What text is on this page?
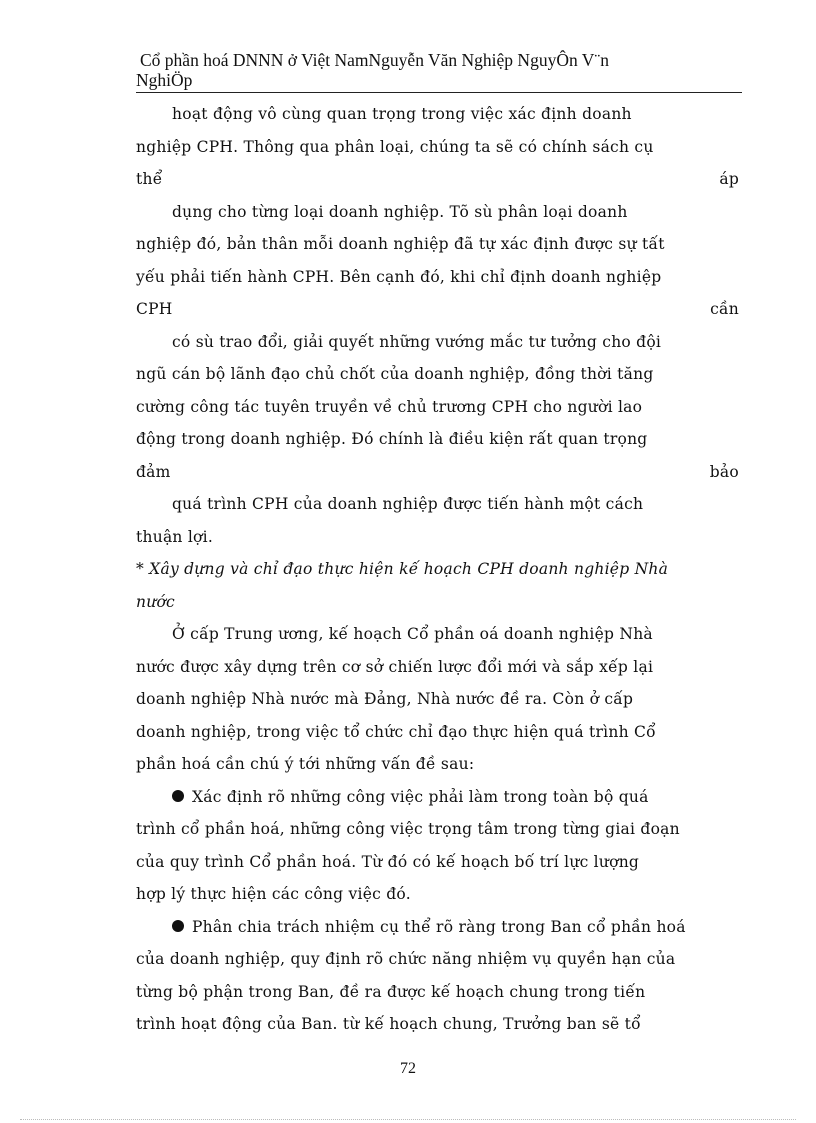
Cổ phần hoá DNNN ở Việt NamNguyễn Văn Nghiệp NguyÔn V¨n
NghiÖp
hoạt động vô cùng quan trọng trong việc xác định doanh
nghiệp CPH. Thông qua phân loại, chúng ta sẽ có chính sách cụ
thể	áp
dụng cho từng loại doanh nghiệp. Tõ sù phân loại doanh
nghiệp đó, bản thân mỗi doanh nghiệp đã tự xác định được sự tất
yếu phải tiến hành CPH. Bên cạnh đó, khi chỉ định doanh nghiệp
CPH	cần
có sù trao đổi, giải quyết những vướng mắc tư tưởng cho đội
ngũ cán bộ lãnh đạo chủ chốt của doanh nghiệp, đồng thời tăng
cường công tác tuyên truyền về chủ trương CPH cho người lao
động trong doanh nghiệp. Đó chính là điều kiện rất quan trọng
đảm	bảo
quá trình CPH của doanh nghiệp được tiến hành một cách
thuận lợi.
* Xây dựng và chỉ đạo thực hiện kế hoạch CPH doanh nghiệp Nhà
nước
Ở cấp Trung ương, kế hoạch Cổ phần oá doanh nghiệp Nhà
nước được xây dựng trên cơ sở chiến lược đổi mới và sắp xếp lại
doanh nghiệp Nhà nước mà Đảng, Nhà nước đề ra. Còn ở cấp
doanh nghiệp, trong việc tổ chức chỉ đạo thực hiện quá trình Cổ
phần hoá cần chú ý tới những vấn đề sau:
Xác định rõ những công việc phải làm trong toàn bộ quá
trình cổ phần hoá, những công việc trọng tâm trong từng giai đoạn
của quy trình Cổ phần hoá. Từ đó có kế hoạch bố trí lực lượng
hợp lý thực hiện các công việc đó.
Phân chia trách nhiệm cụ thể rõ ràng trong Ban cổ phần hoá
của doanh nghiệp, quy định rõ chức năng nhiệm vụ quyền hạn của
từng bộ phận trong Ban, đề ra được kế hoạch chung trong tiến
trình hoạt động của Ban. từ kế hoạch chung, Trưởng ban sẽ tổ
72
